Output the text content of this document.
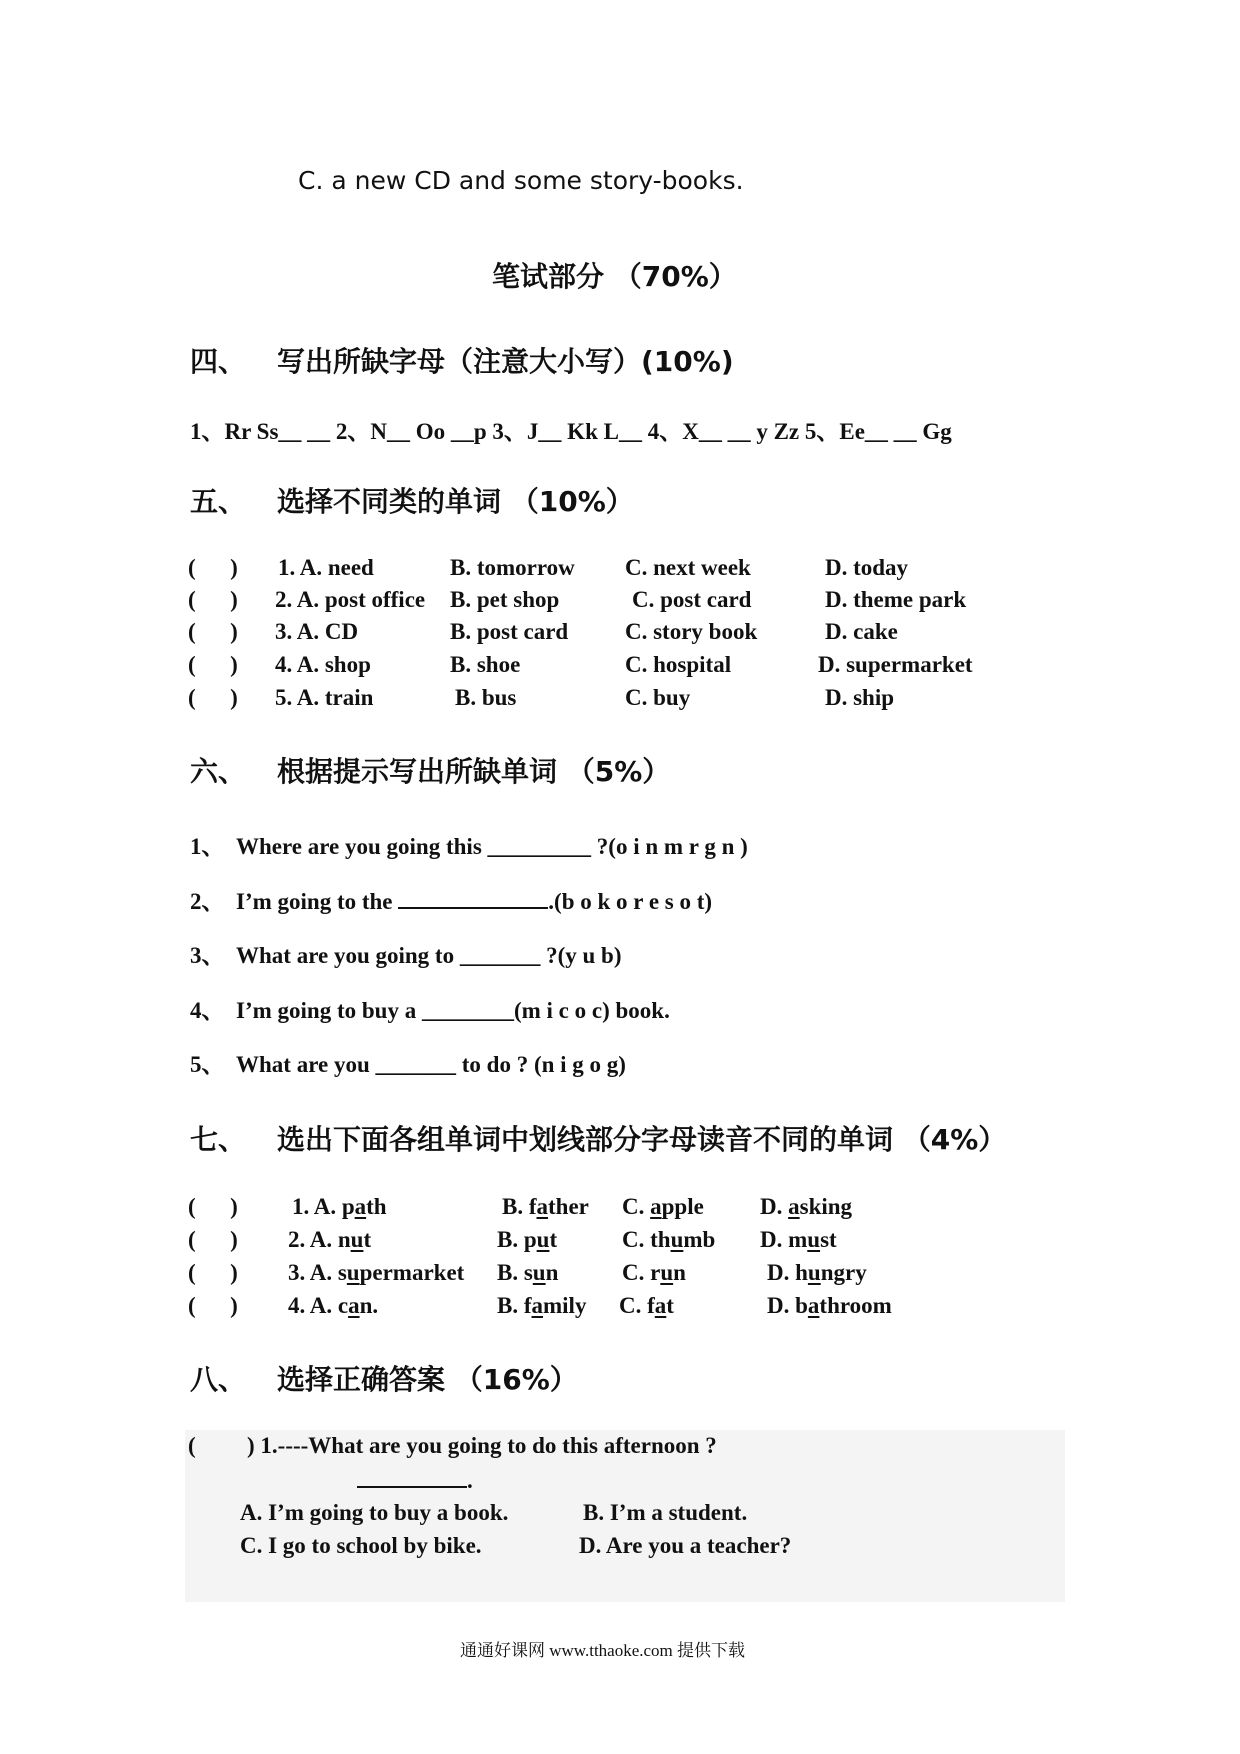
C. a new CD and some story-books.
笔试部分 （70%）
四、 写出所缺字母（注意大小写）(10%)
1、Rr Ss__ __ 2、N__ Oo __p 3、J__ Kk L__ 4、X__ __ y Zz 5、Ee__ __ Gg
五、 选择不同类的单词 （10%）
(      ) 1. A. need	B. tomorrow C. next week	D. today
(      ) 2. A. post office B. pet shop	C. post card	D. theme park
(      ) 3. A. CD	B. post card C. story book	D. cake
(      ) 4. A. shop	B. shoe	C. hospital	D. supermarket
(      ) 5. A. train	B. bus	C. buy	D. ship
六、 根据提示写出所缺单词 （5%）
1、 Where are you going this _________ ?(o i n m r g n )
2、 I’m going to the	.(b o k o r e s o t)
3、 What are you going to _______ ?(y u b)
4、 I’m going to buy a ________(m i c o c) book.
5、 What are you _______ to do ? (n i g o g)
七、 选出下面各组单词中划线部分字母读音不同的单词 （4%）
(      ) 1. A. path	B. father C. apple D. asking
(      ) 2. A. nut	B. put	C. thumb D. must
(      ) 3. A. supermarket B. sun	C. run	D. hungry
(      ) 4. A. can.	B. family C. fat	D. bathroom
八、 选择正确答案 （16%）
( ) 1.----What are you going to do this afternoon ?
.
A. I’m going to buy a book.	B. I’m a student.
C. I go to school by bike.	D. Are you a teacher?
通通好课网 www.tthaoke.com 提供下载
